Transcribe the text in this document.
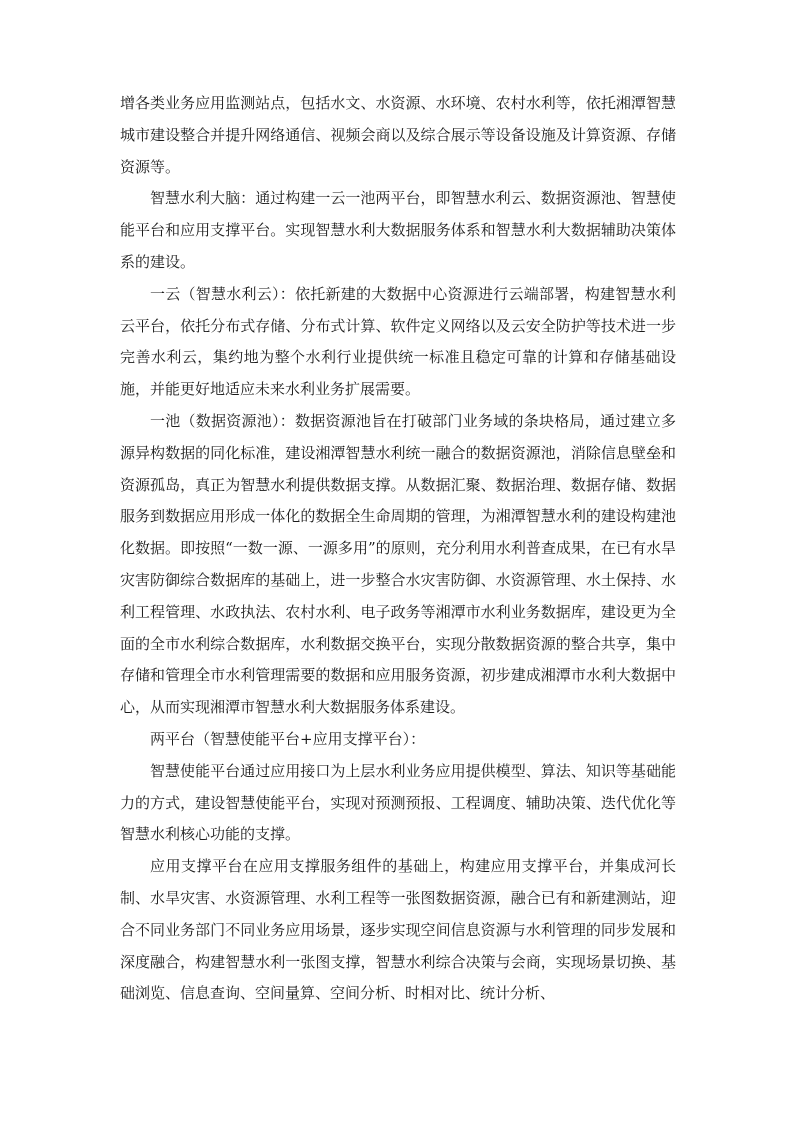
增各类业务应用监测站点，包括水文、水资源、水环境、农村水利等，依托湘潭智慧城市建设整合并提升网络通信、视频会商以及综合展示等设备设施及计算资源、存储资源等。

智慧水利大脑：通过构建一云一池两平台，即智慧水利云、数据资源池、智慧使能平台和应用支撑平台。实现智慧水利大数据服务体系和智慧水利大数据辅助决策体系的建设。

一云（智慧水利云）：依托新建的大数据中心资源进行云端部署，构建智慧水利云平台，依托分布式存储、分布式计算、软件定义网络以及云安全防护等技术进一步完善水利云，集约地为整个水利行业提供统一标准且稳定可靠的计算和存储基础设施，并能更好地适应未来水利业务扩展需要。

一池（数据资源池）：数据资源池旨在打破部门业务域的条块格局，通过建立多源异构数据的同化标准，建设湘潭智慧水利统一融合的数据资源池，消除信息壁垒和资源孤岛，真正为智慧水利提供数据支撑。从数据汇聚、数据治理、数据存储、数据服务到数据应用形成一体化的数据全生命周期的管理，为湘潭智慧水利的建设构建池化数据。即按照“一数一源、一源多用”的原则，充分利用水利普查成果，在已有水旱灾害防御综合数据库的基础上，进一步整合水灾害防御、水资源管理、水土保持、水利工程管理、水政执法、农村水利、电子政务等湘潭市水利业务数据库，建设更为全面的全市水利综合数据库，水利数据交换平台，实现分散数据资源的整合共享，集中存储和管理全市水利管理需要的数据和应用服务资源，初步建成湘潭市水利大数据中心，从而实现湘潭市智慧水利大数据服务体系建设。

两平台（智慧使能平台+应用支撑平台）：

智慧使能平台通过应用接口为上层水利业务应用提供模型、算法、知识等基础能力的方式，建设智慧使能平台，实现对预测预报、工程调度、辅助决策、迭代优化等智慧水利核心功能的支撑。

应用支撑平台在应用支撑服务组件的基础上，构建应用支撑平台，并集成河长制、水旱灾害、水资源管理、水利工程等一张图数据资源，融合已有和新建测站，迎合不同业务部门不同业务应用场景，逐步实现空间信息资源与水利管理的同步发展和深度融合，构建智慧水利一张图支撑，智慧水利综合决策与会商，实现场景切换、基础浏览、信息查询、空间量算、空间分析、时相对比、统计分析、
